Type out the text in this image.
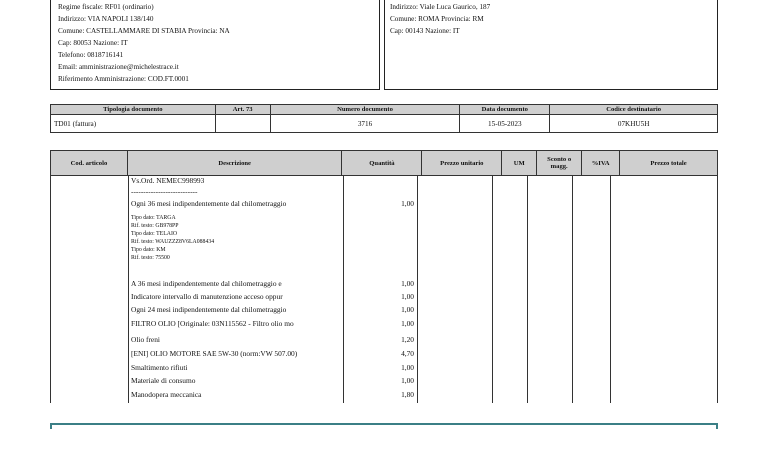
Regime fiscale: RF01 (ordinario)
Indirizzo: VIA NAPOLI 138/140
Comune: CASTELLAMMARE DI STABIA Provincia: NA
Cap: 80053 Nazione: IT
Telefono: 0818716141
Email: amministrazione@michelestrace.it
Riferimento Amministrazione: COD.FT.0001
Indirizzo: Viale Luca Gaurico, 187
Comune: ROMA Provincia: RM
Cap: 00143 Nazione: IT
Tipologia documento	Art. 73	Numero documento	Data documento	Codice destinatario
TD01 (fattura)		3716	15-05-2023	07KHU5H
Cod. articolo	Descrizione	Quantità	Prezzo unitario	UM	Sconto o magg.	%IVA	Prezzo totale
Vs.Ord. NEMEC998993
---------------------------
Ogni 36 mesi indipendentemente dal chilometraggio	1,00
Tipo dato: TARGA
Rif. testo: GB978PP
Tipo dato: TELAIO
Rif. testo: WAUZZZ8V6LA088434
Tipo dato: KM
Rif. testo: 75500
A 36 mesi indipendentemente dal chilometraggio e	1,00
Indicatore intervallo di manutenzione acceso oppur	1,00
Ogni 24 mesi indipendentemente dal chilometraggio	1,00
FILTRO OLIO [Originale: 03N115562 - Filtro olio mo	1,00
Olio freni	1,20
[ENI] OLIO MOTORE SAE 5W-30 (norm:VW 507.00)	4,70
Smaltimento rifiuti	1,00
Materiale di consumo	1,00
Manodopera meccanica	1,80
